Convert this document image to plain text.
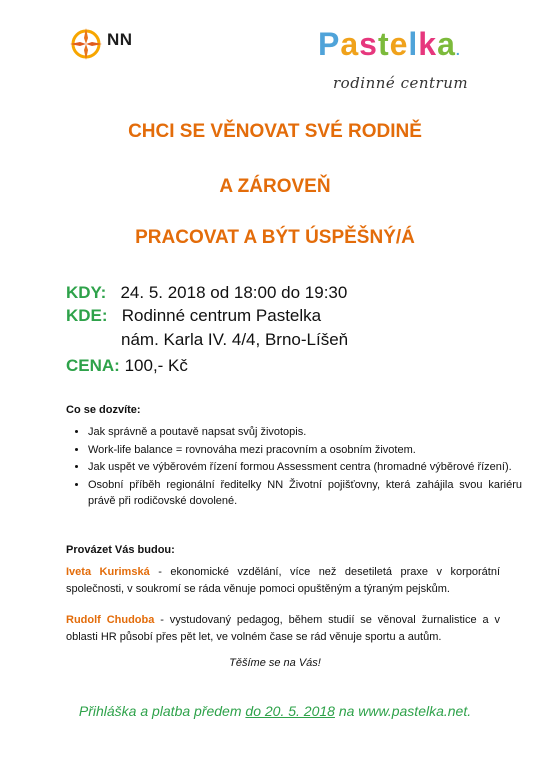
NN	Pastelka.
rodinné centrum
CHCI SE VĚNOVAT SVÉ RODINĚ
A ZÁROVEŇ
PRACOVAT A BÝT ÚSPĚŠNÝ/Á
KDY: 24. 5. 2018 od 18:00 do 19:30
KDE: Rodinné centrum Pastelka
nám. Karla IV. 4/4, Brno-Líšeň
CENA: 100,- Kč
Co se dozvíte:
• Jak správně a poutavě napsat svůj životopis.
• Work-life balance = rovnováha mezi pracovním a osobním životem.
• Jak uspět ve výběrovém řízení formou Assessment centra (hromadné výběrové řízení).
• Osobní příběh regionální ředitelky NN Životní pojišťovny, která zahájila svou kariéru právě při rodičovské dovolené.
Provázet Vás budou:
Iveta Kurimská - ekonomické vzdělání, více než desetiletá praxe v korporátní společnosti, v soukromí se ráda věnuje pomoci opuštěným a týraným pejskům.
Rudolf Chudoba - vystudovaný pedagog, během studií se věnoval žurnalistice a v oblasti HR působí přes pět let, ve volném čase se rád věnuje sportu a autům.
Těšíme se na Vás!
Přihláška a platba předem do 20. 5. 2018 na www.pastelka.net.
